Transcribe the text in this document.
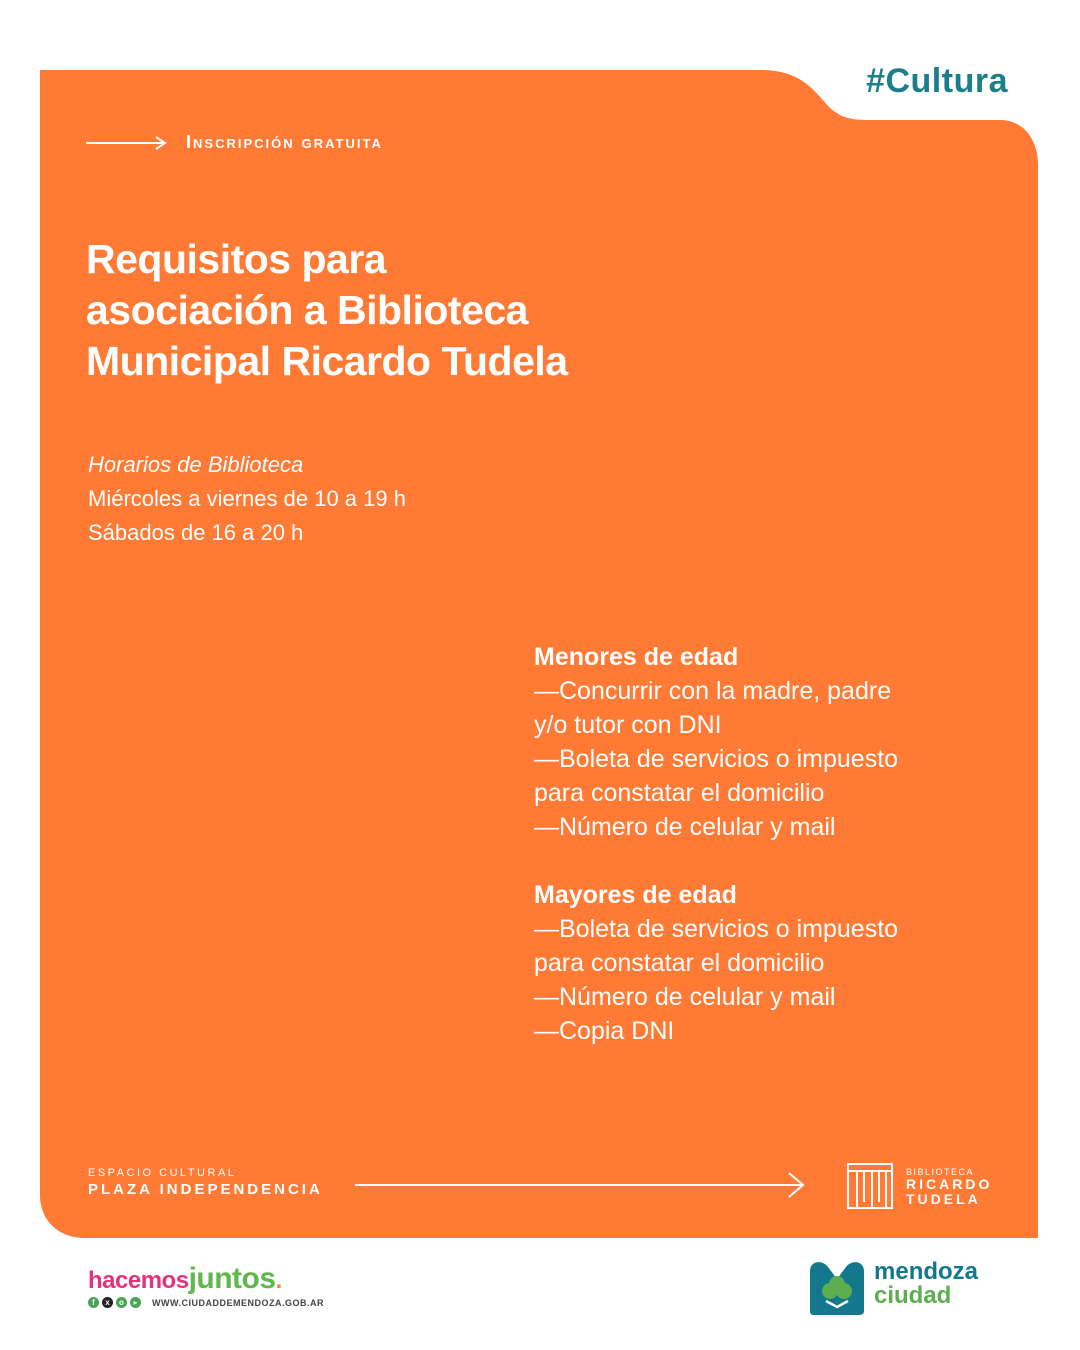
#Cultura
Inscripción gratuita
Requisitos para
asociación a Biblioteca
Municipal Ricardo Tudela
Horarios de Biblioteca
Miércoles a viernes de 10 a 19 h
Sábados de 16 a 20 h
Menores de edad
—Concurrir con la madre, padre
y/o tutor con DNI
—Boleta de servicios o impuesto
para constatar el domicilio
—Número de celular y mail
Mayores de edad
—Boleta de servicios o impuesto
para constatar el domicilio
—Número de celular y mail
—Copia DNI
ESPACIO CULTURAL
PLAZA INDEPENDENCIA
BIBLIOTECA
RICARDO
TUDELA
hacemosjuntos.
f	x	o	▸	WWW.CIUDADDEMENDOZA.GOB.AR
mendoza
ciudad
